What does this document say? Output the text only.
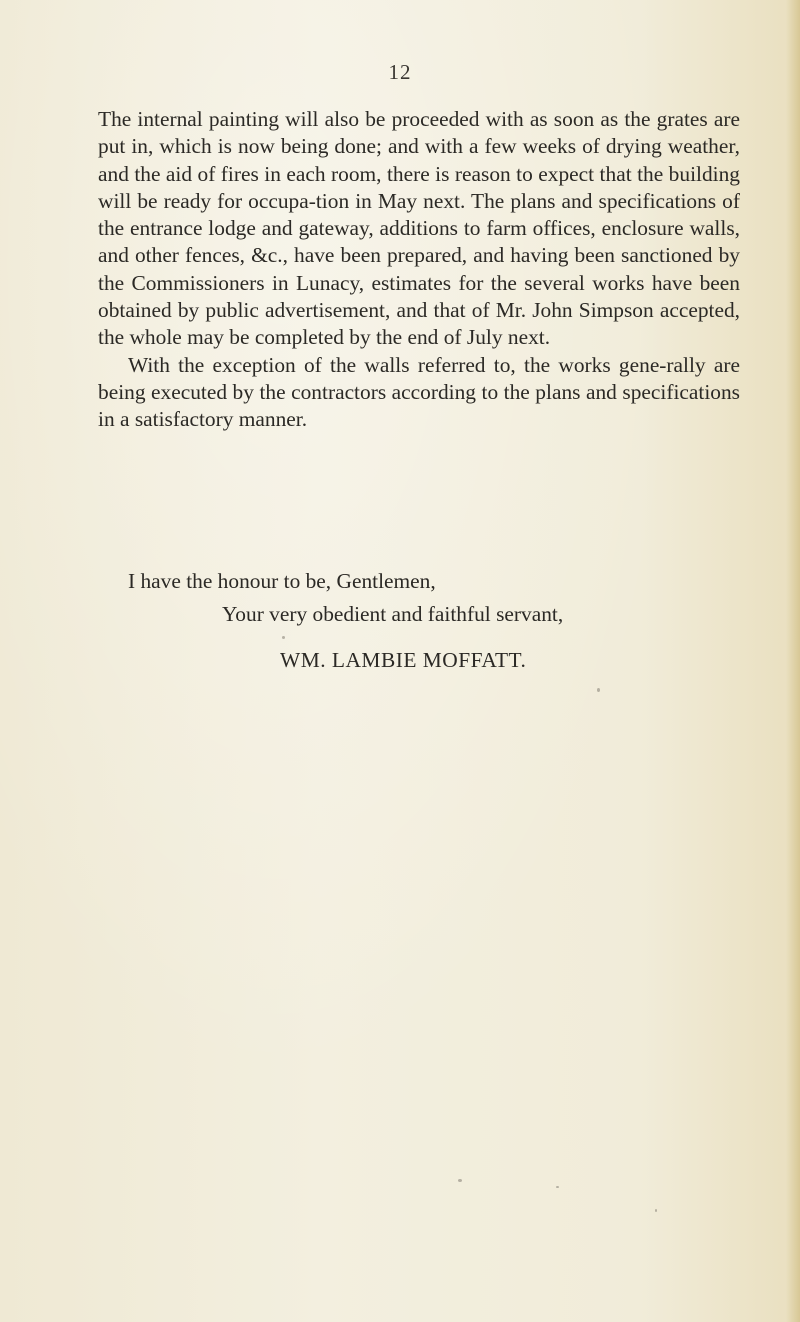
12

The internal painting will also be proceeded with as soon as the grates are put in, which is now being done; and with a few weeks of drying weather, and the aid of fires in each room, there is reason to expect that the building will be ready for occupa-tion in May next. The plans and specifications of the entrance lodge and gateway, additions to farm offices, enclosure walls, and other fences, &c., have been prepared, and having been sanctioned by the Commissioners in Lunacy, estimates for the several works have been obtained by public advertisement, and that of Mr. John Simpson accepted, the whole may be completed by the end of July next.

With the exception of the walls referred to, the works gene-rally are being executed by the contractors according to the plans and specifications in a satisfactory manner.

I have the honour to be, Gentlemen,
Your very obedient and faithful servant,
WM. LAMBIE MOFFATT.
